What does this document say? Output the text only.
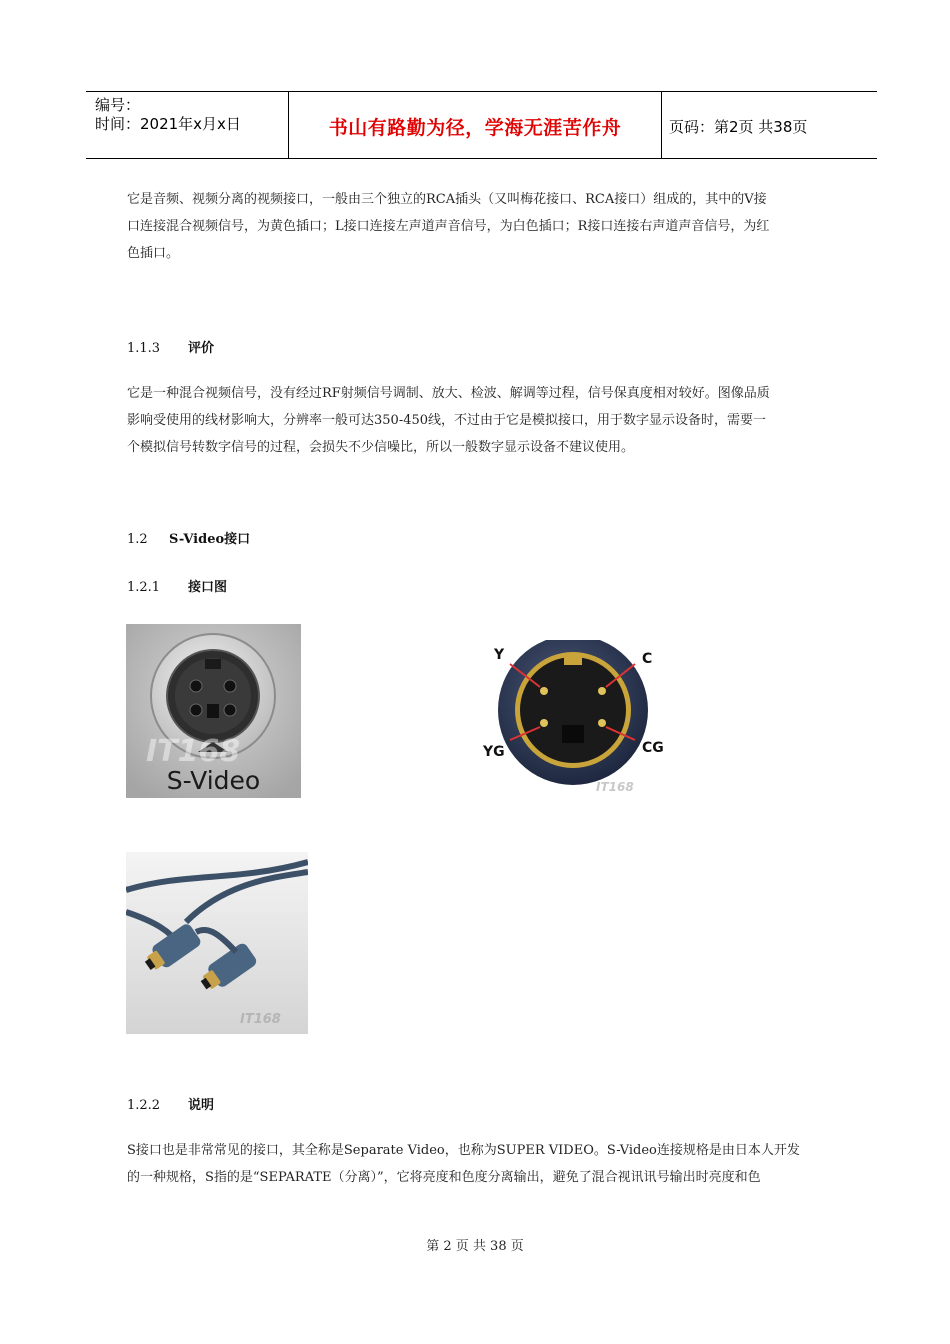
编号：
时间：2021年x月x日	书山有路勤为径，学海无涯苦作舟	页码：第2页 共38页
它是音频、视频分离的视频接口，一般由三个独立的RCA插头（又叫梅花接口、RCA接口）组成的，其中的V接
口连接混合视频信号，为黄色插口；L接口连接左声道声音信号，为白色插口；R接口连接右声道声音信号，为红
色插口。
1.1.3 评价
它是一种混合视频信号，没有经过RF射频信号调制、放大、检波、解调等过程，信号保真度相对较好。图像品质
影响受使用的线材影响大，分辨率一般可达350-450线，不过由于它是模拟接口，用于数字显示设备时，需要一
个模拟信号转数字信号的过程，会损失不少信噪比，所以一般数字显示设备不建议使用。
1.2 S-Video接口
1.2.1 接口图
IT168
S-Video
Y	C
YG	CG
IT168
IT168
1.2.2 说明
S接口也是非常常见的接口，其全称是Separate Video，也称为SUPER VIDEO。S-Video连接规格是由日本人开发
的一种规格，S指的是“SEPARATE（分离）”，它将亮度和色度分离输出，避免了混合视讯讯号输出时亮度和色
第 2 页 共 38 页
